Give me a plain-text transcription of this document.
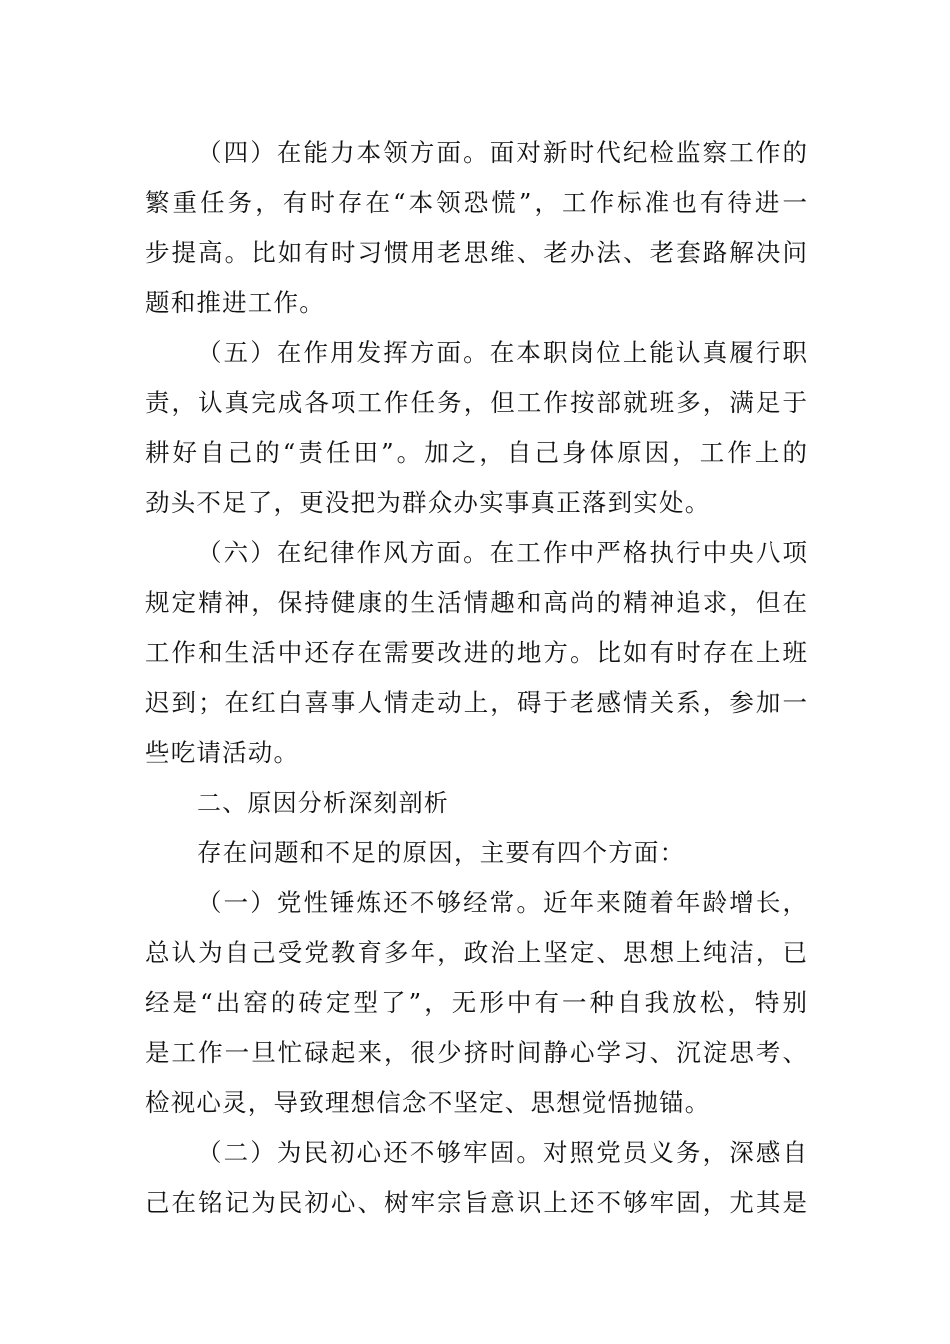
（四）在能力本领方面。面对新时代纪检监察工作的
繁重任务，有时存在“本领恐慌”，工作标准也有待进一
步提高。比如有时习惯用老思维、老办法、老套路解决问
题和推进工作。
（五）在作用发挥方面。在本职岗位上能认真履行职
责，认真完成各项工作任务，但工作按部就班多，满足于
耕好自己的“责任田”。加之，自己身体原因，工作上的
劲头不足了，更没把为群众办实事真正落到实处。
（六）在纪律作风方面。在工作中严格执行中央八项
规定精神，保持健康的生活情趣和高尚的精神追求，但在
工作和生活中还存在需要改进的地方。比如有时存在上班
迟到；在红白喜事人情走动上，碍于老感情关系，参加一
些吃请活动。
二、原因分析深刻剖析
存在问题和不足的原因，主要有四个方面：
（一）党性锤炼还不够经常。近年来随着年龄增长，
总认为自己受党教育多年，政治上坚定、思想上纯洁，已
经是“出窑的砖定型了”，无形中有一种自我放松，特别
是工作一旦忙碌起来，很少挤时间静心学习、沉淀思考、
检视心灵，导致理想信念不坚定、思想觉悟抛锚。
（二）为民初心还不够牢固。对照党员义务，深感自
己在铭记为民初心、树牢宗旨意识上还不够牢固，尤其是
